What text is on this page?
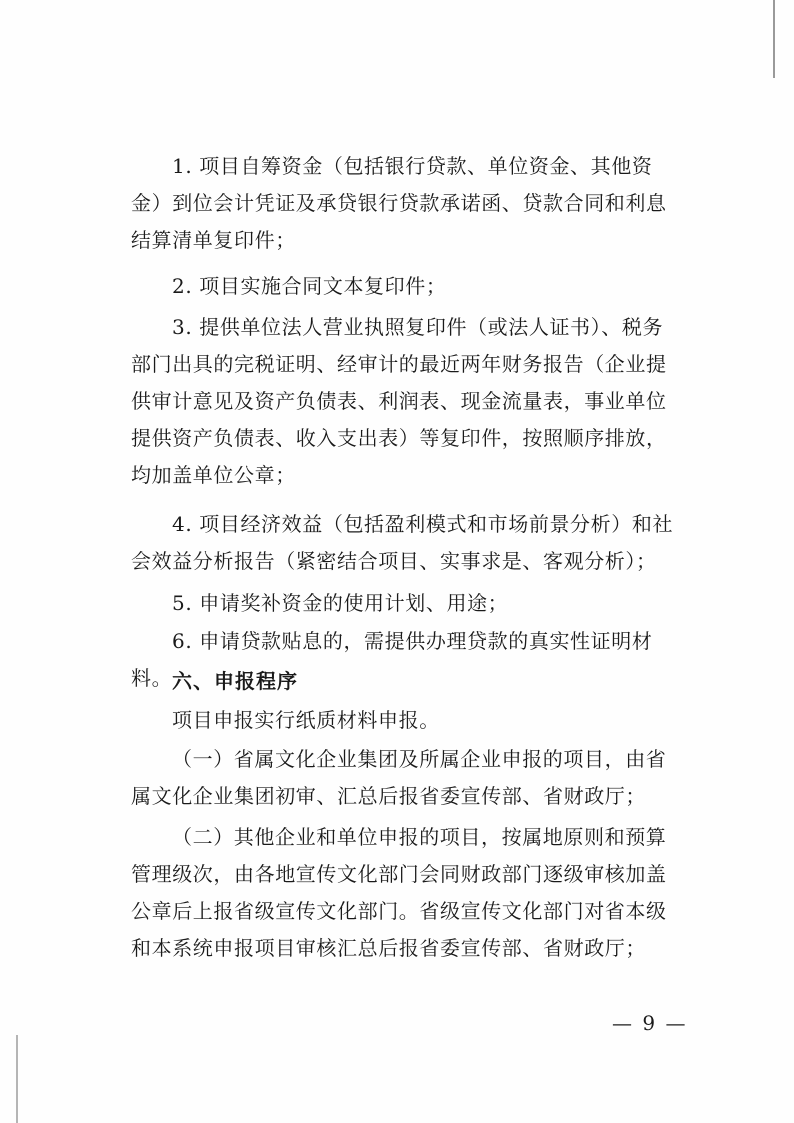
1. 项目自筹资金（包括银行贷款、单位资金、其他资金）到位会计凭证及承贷银行贷款承诺函、贷款合同和利息结算清单复印件；

2. 项目实施合同文本复印件；

3. 提供单位法人营业执照复印件（或法人证书）、税务部门出具的完税证明、经审计的最近两年财务报告（企业提供审计意见及资产负债表、利润表、现金流量表，事业单位提供资产负债表、收入支出表）等复印件，按照顺序排放，均加盖单位公章；

4. 项目经济效益（包括盈利模式和市场前景分析）和社会效益分析报告（紧密结合项目、实事求是、客观分析）；

5. 申请奖补资金的使用计划、用途；

6. 申请贷款贴息的，需提供办理贷款的真实性证明材料。 六、申报程序

项目申报实行纸质材料申报。

（一）省属文化企业集团及所属企业申报的项目，由省属文化企业集团初审、汇总后报省委宣传部、省财政厅；

（二）其他企业和单位申报的项目，按属地原则和预算管理级次，由各地宣传文化部门会同财政部门逐级审核加盖公章后上报省级宣传文化部门。省级宣传文化部门对省本级和本系统申报项目审核汇总后报省委宣传部、省财政厅；

— 9 —
